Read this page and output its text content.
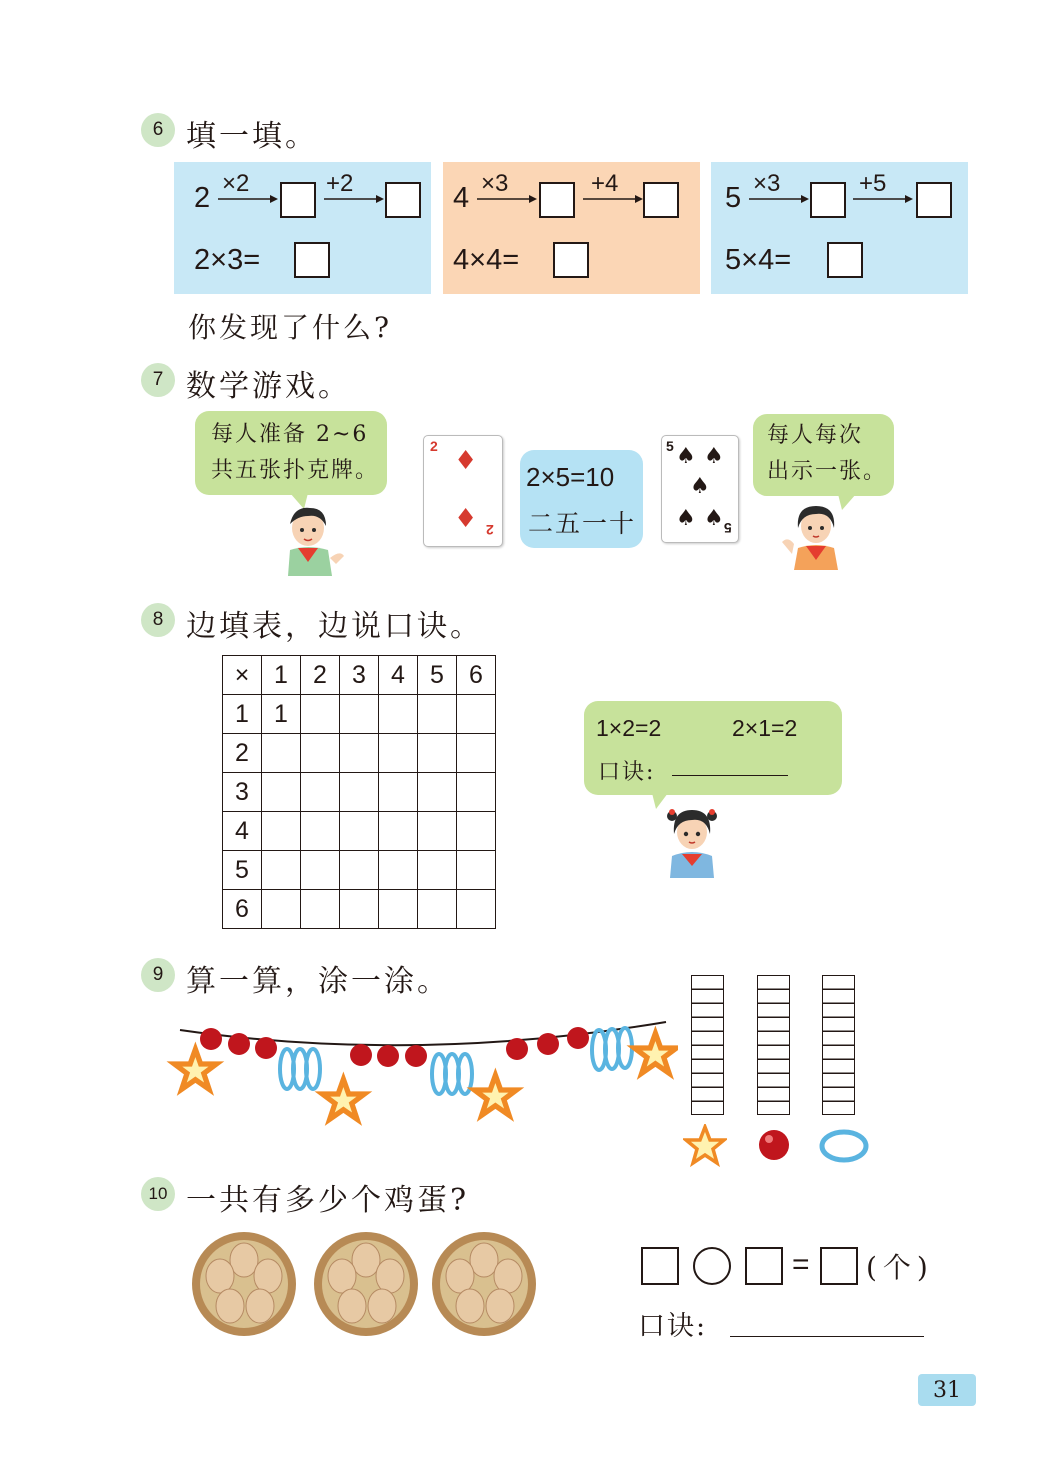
6 填一填。
2 ×2	+2
2×3=
4 ×3	+4
4×4=
5 ×3	+5
5×4=
你发现了什么?
7 数学游戏。
每人准备 2~6
共五张扑克牌。
2 ♦
♦ 2
2×5=10
二五一十
5 ♠ ♠
♠
♠ ♠ 5
每人每次
出示一张。
8 边填表，边说口诀。
×	1	2	3	4	5	6
1	1					
2						
3						
4						
5						
6						
1×2=2	2×1=2
口诀:
9 算一算，涂一涂。
10 一共有多少个鸡蛋?
= (个)
口诀:
31
